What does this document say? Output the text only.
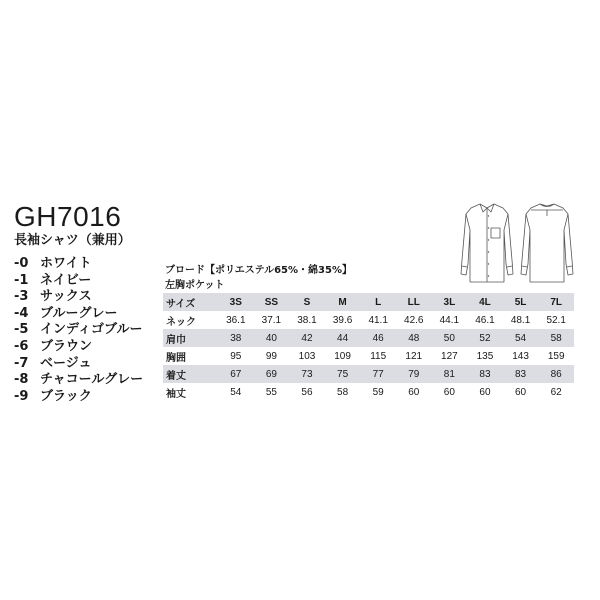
GH7016
長袖シャツ（兼用）
-0 ホワイト
-1 ネイビー
-3 サックス
-4 ブルーグレー
-5 インディゴブルー
-6 ブラウン
-7 ベージュ
-8 チャコールグレー
-9 ブラック
ブロード【ポリエステル65%・綿35%】
左胸ポケット
サイズ	3S	SS	S	M	L	LL	3L	4L	5L	7L
ネック	36.1	37.1	38.1	39.6	41.1	42.6	44.1	46.1	48.1	52.1
肩巾	38	40	42	44	46	48	50	52	54	58
胸囲	95	99	103	109	115	121	127	135	143	159
着丈	67	69	73	75	77	79	81	83	83	86
袖丈	54	55	56	58	59	60	60	60	60	62
